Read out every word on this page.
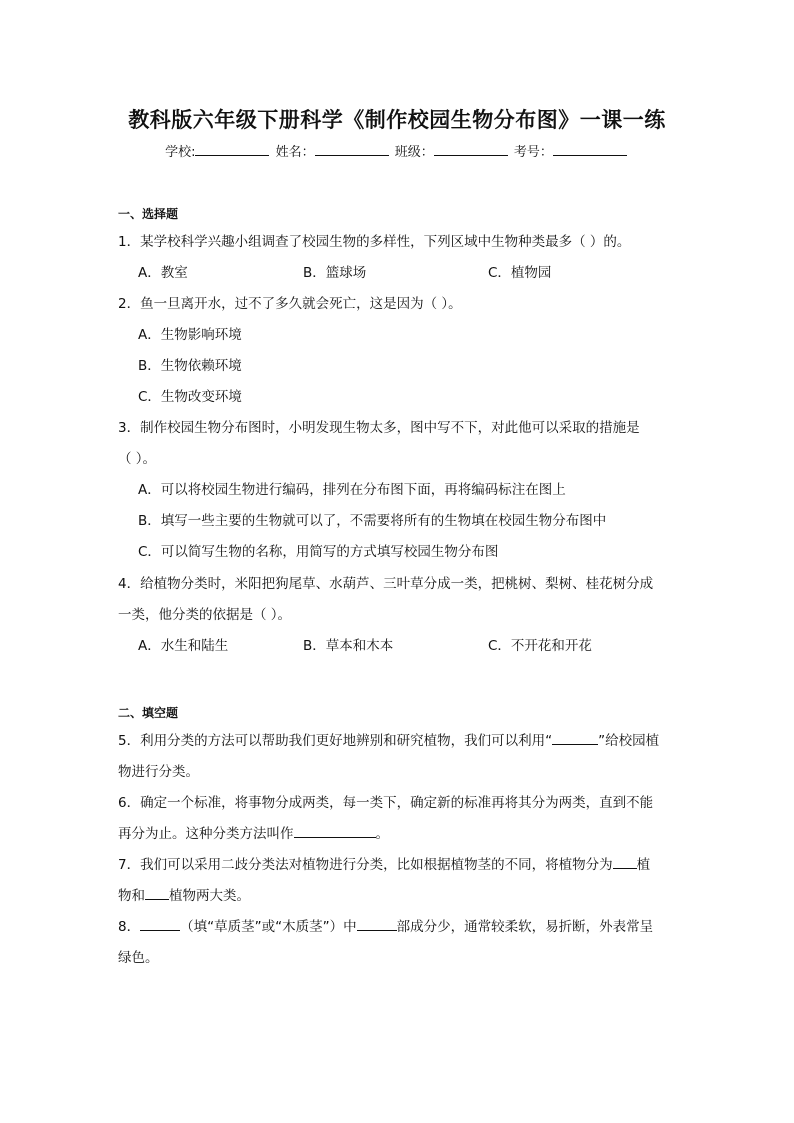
教科版六年级下册科学《制作校园生物分布图》一课一练
学校:	姓名：	班级：	考号：
一、选择题
1．某学校科学兴趣小组调查了校园生物的多样性，下列区域中生物种类最多（ ）的。
A．教室	B．篮球场	C．植物园
2．鱼一旦离开水，过不了多久就会死亡，这是因为（ ）。
A．生物影响环境
B．生物依赖环境
C．生物改变环境
3．制作校园生物分布图时，小明发现生物太多，图中写不下，对此他可以采取的措施是
（ ）。
A．可以将校园生物进行编码，排列在分布图下面，再将编码标注在图上
B．填写一些主要的生物就可以了，不需要将所有的生物填在校园生物分布图中
C．可以简写生物的名称，用简写的方式填写校园生物分布图
4．给植物分类时，米阳把狗尾草、水葫芦、三叶草分成一类，把桃树、梨树、桂花树分成
一类，他分类的依据是（ ）。
A．水生和陆生	B．草本和木本	C．不开花和开花
二、填空题
5．利用分类的方法可以帮助我们更好地辨别和研究植物，我们可以利用“	”给校园植
物进行分类。
6．确定一个标准，将事物分成两类，每一类下，确定新的标准再将其分为两类，直到不能
再分为止。这种分类方法叫作	。
7．我们可以采用二歧分类法对植物进行分类，比如根据植物茎的不同，将植物分为 植
物和 植物两大类。
8．	（填“草质茎”或“木质茎”）中	部成分少，通常较柔软，易折断，外表常呈
绿色。
